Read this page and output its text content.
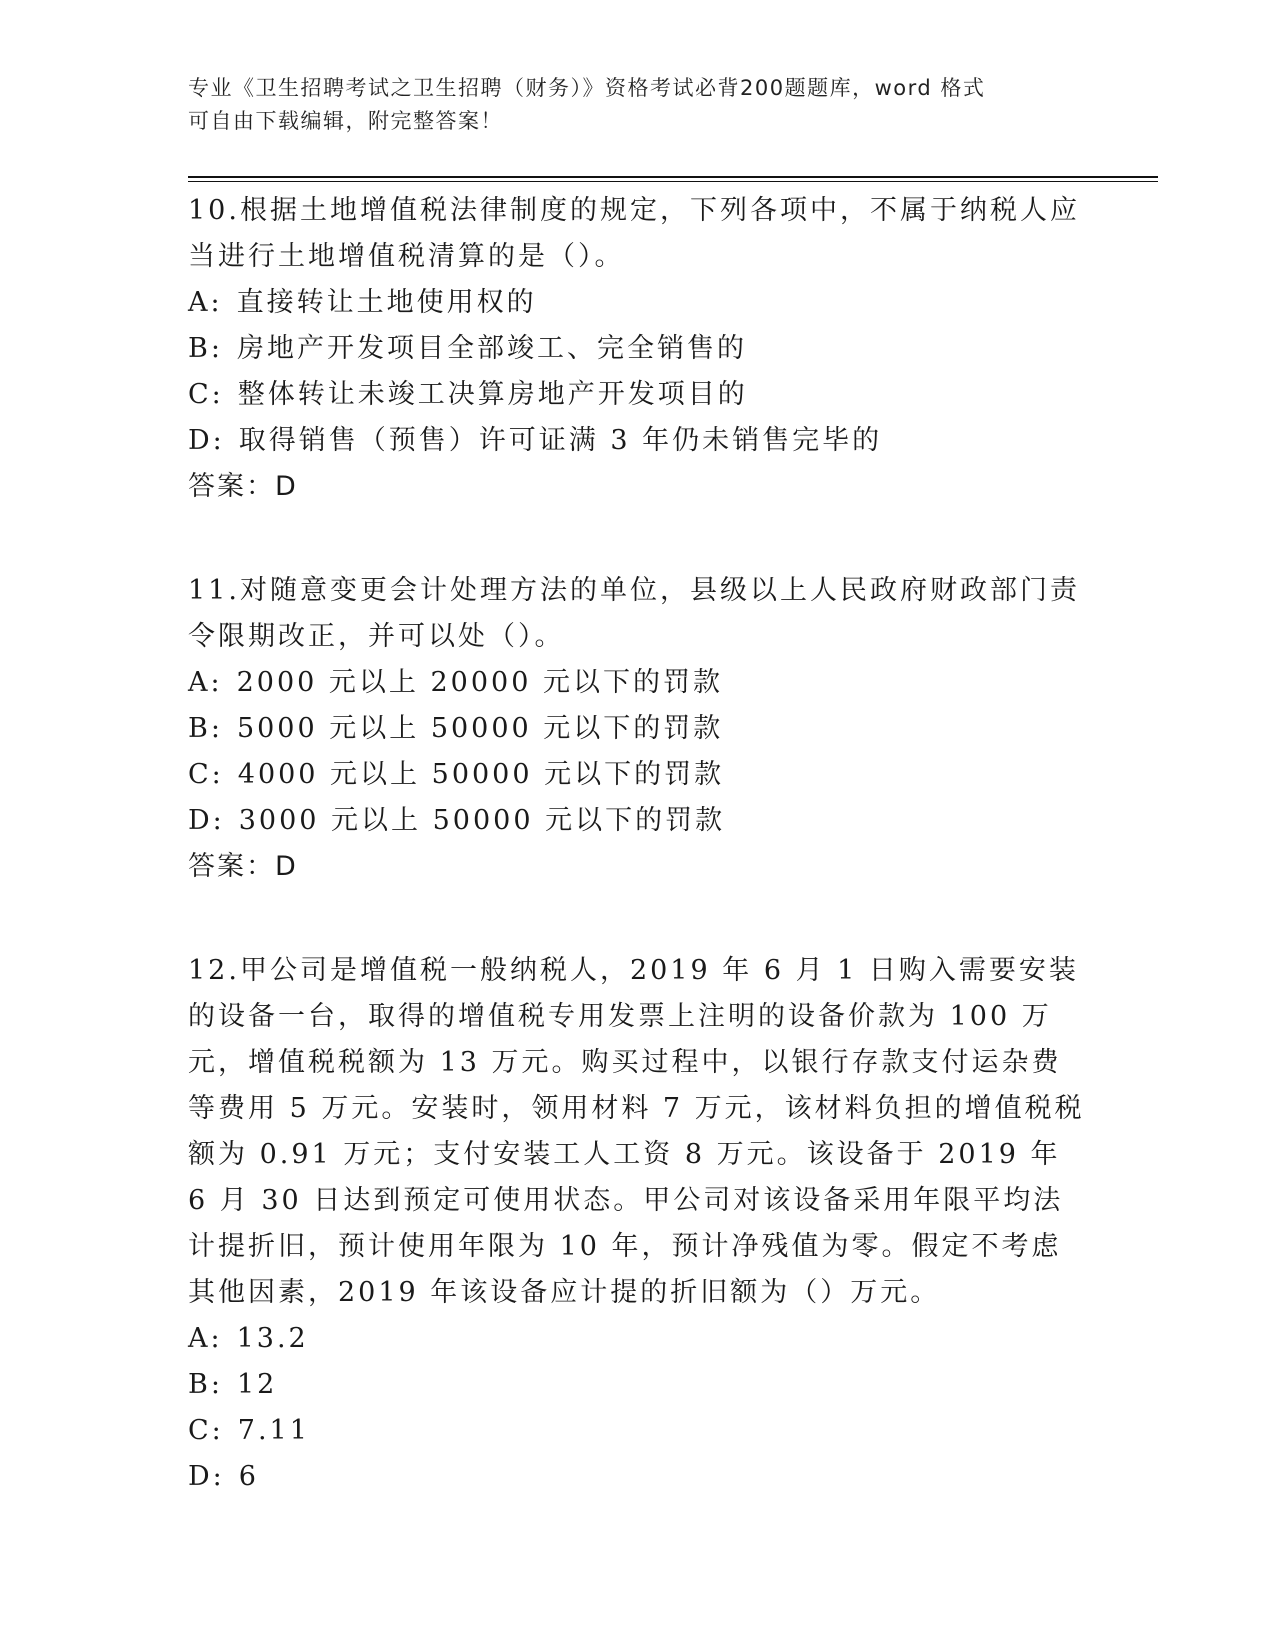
专业《卫生招聘考试之卫生招聘（财务）》资格考试必背200题题库，word 格式
可自由下载编辑，附完整答案！

10.根据土地增值税法律制度的规定，下列各项中，不属于纳税人应当进行土地增值税清算的是（）。

A: 直接转让土地使用权的

B: 房地产开发项目全部竣工、完全销售的

C: 整体转让未竣工决算房地产开发项目的

D: 取得销售（预售）许可证满 3 年仍未销售完毕的

答案：D

11.对随意变更会计处理方法的单位，县级以上人民政府财政部门责令限期改正，并可以处（）。

A: 2000 元以上 20000 元以下的罚款

B: 5000 元以上 50000 元以下的罚款

C: 4000 元以上 50000 元以下的罚款

D: 3000 元以上 50000 元以下的罚款

答案：D

12.甲公司是增值税一般纳税人，2019 年 6 月 1 日购入需要安装的设备一台，取得的增值税专用发票上注明的设备价款为 100 万元，增值税税额为 13 万元。购买过程中，以银行存款支付运杂费等费用 5 万元。安装时，领用材料 7 万元，该材料负担的增值税税额为 0.91 万元；支付安装工人工资 8 万元。该设备于 2019 年 6 月 30 日达到预定可使用状态。甲公司对该设备采用年限平均法计提折旧，预计使用年限为 10 年，预计净残值为零。假定不考虑其他因素，2019 年该设备应计提的折旧额为（）万元。

A: 13.2

B: 12

C: 7.11

D: 6
